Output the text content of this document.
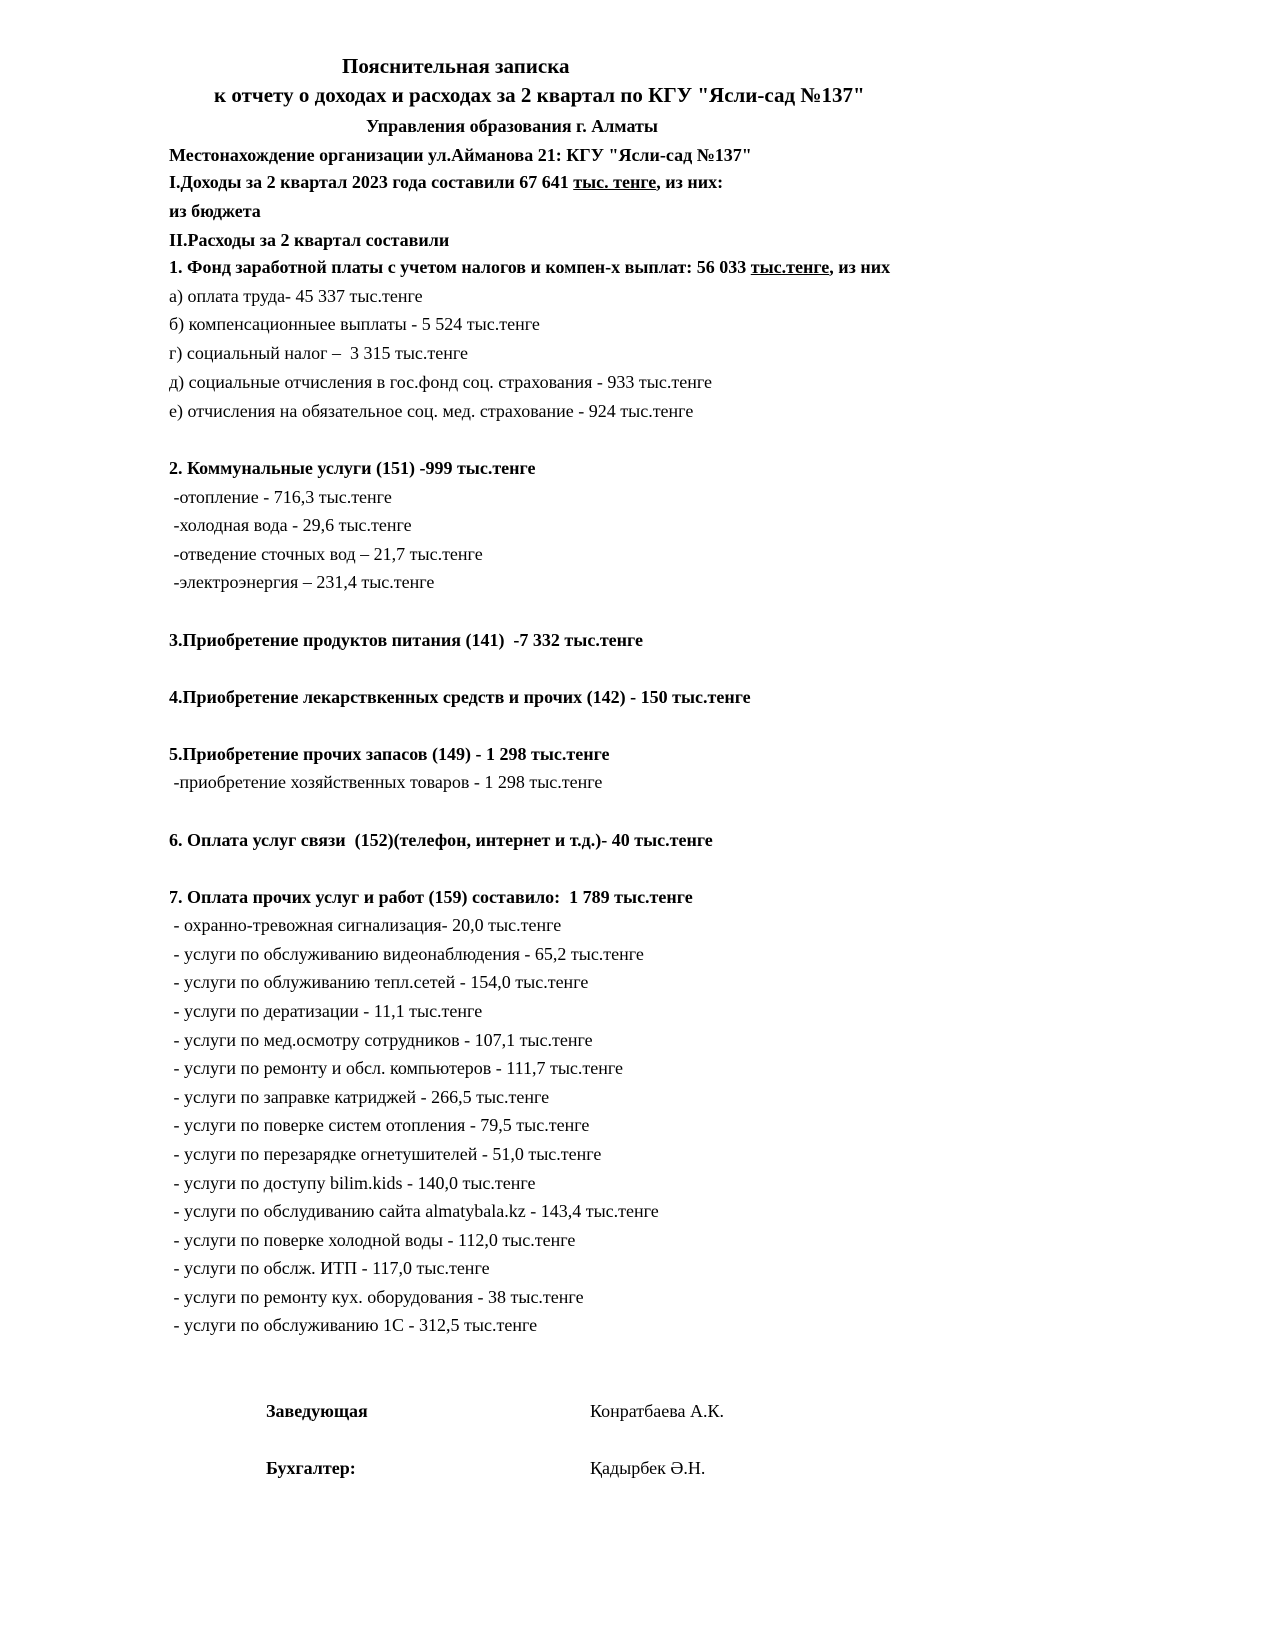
Пояснительная записка
к отчету о доходах и расходах за 2 квартал по КГУ "Ясли-сад №137"
Управления образования г. Алматы
Местонахождение организации ул.Айманова 21: КГУ "Ясли-сад №137"
I.Доходы за 2 квартал 2023 года составили 67 641 тыс. тенге, из них:
из бюджета
II.Расходы за 2 квартал составили
1. Фонд заработной платы с учетом налогов и компен-х выплат: 56 033 тыс.тенге, из них
а) оплата труда- 45 337 тыс.тенге
б) компенсационныее выплаты - 5 524 тыс.тенге
г) социальный налог –  3 315 тыс.тенге
д) социальные отчисления в гос.фонд соц. страхования - 933 тыс.тенге
е) отчисления на обязательное соц. мед. страхование - 924 тыс.тенге
2. Коммунальные услуги (151) -999 тыс.тенге
-отопление - 716,3 тыс.тенге
-холодная вода - 29,6 тыс.тенге
-отведение сточных вод – 21,7 тыс.тенге
-электроэнергия – 231,4 тыс.тенге
3.Приобретение продуктов питания (141)  -7 332 тыс.тенге
4.Приобретение лекарствкенных средств и прочих (142) - 150 тыс.тенге
5.Приобретение прочих запасов (149) - 1 298 тыс.тенге
-приобретение хозяйственных товаров - 1 298 тыс.тенге
6. Оплата услуг связи  (152)(телефон, интернет и т.д.)- 40 тыс.тенге
7. Оплата прочих услуг и работ (159) составило:  1 789 тыс.тенге
- охранно-тревожная сигнализация- 20,0 тыс.тенге
- услуги по обслуживанию видеонаблюдения - 65,2 тыс.тенге
- услуги по облуживанию тепл.сетей - 154,0 тыс.тенге
- услуги по дератизации - 11,1 тыс.тенге
- услуги по мед.осмотру сотрудников - 107,1 тыс.тенге
- услуги по ремонту и обсл. компьютеров - 111,7 тыс.тенге
- услуги по заправке катриджей - 266,5 тыс.тенге
- услуги по поверке систем отопления - 79,5 тыс.тенге
- услуги по перезарядке огнетушителей - 51,0 тыс.тенге
- услуги по доступу bilim.kids - 140,0 тыс.тенге
- услуги по обслудиванию сайта almatybala.kz - 143,4 тыс.тенге
- услуги по поверке холодной воды - 112,0 тыс.тенге
- услуги по обслж. ИТП - 117,0 тыс.тенге
- услуги по ремонту кух. оборудования - 38 тыс.тенге
- услуги по обслуживанию 1С - 312,5 тыс.тенге
Заведующая	Конратбаева А.К.
Бухгалтер:	Қадырбек Ә.Н.
